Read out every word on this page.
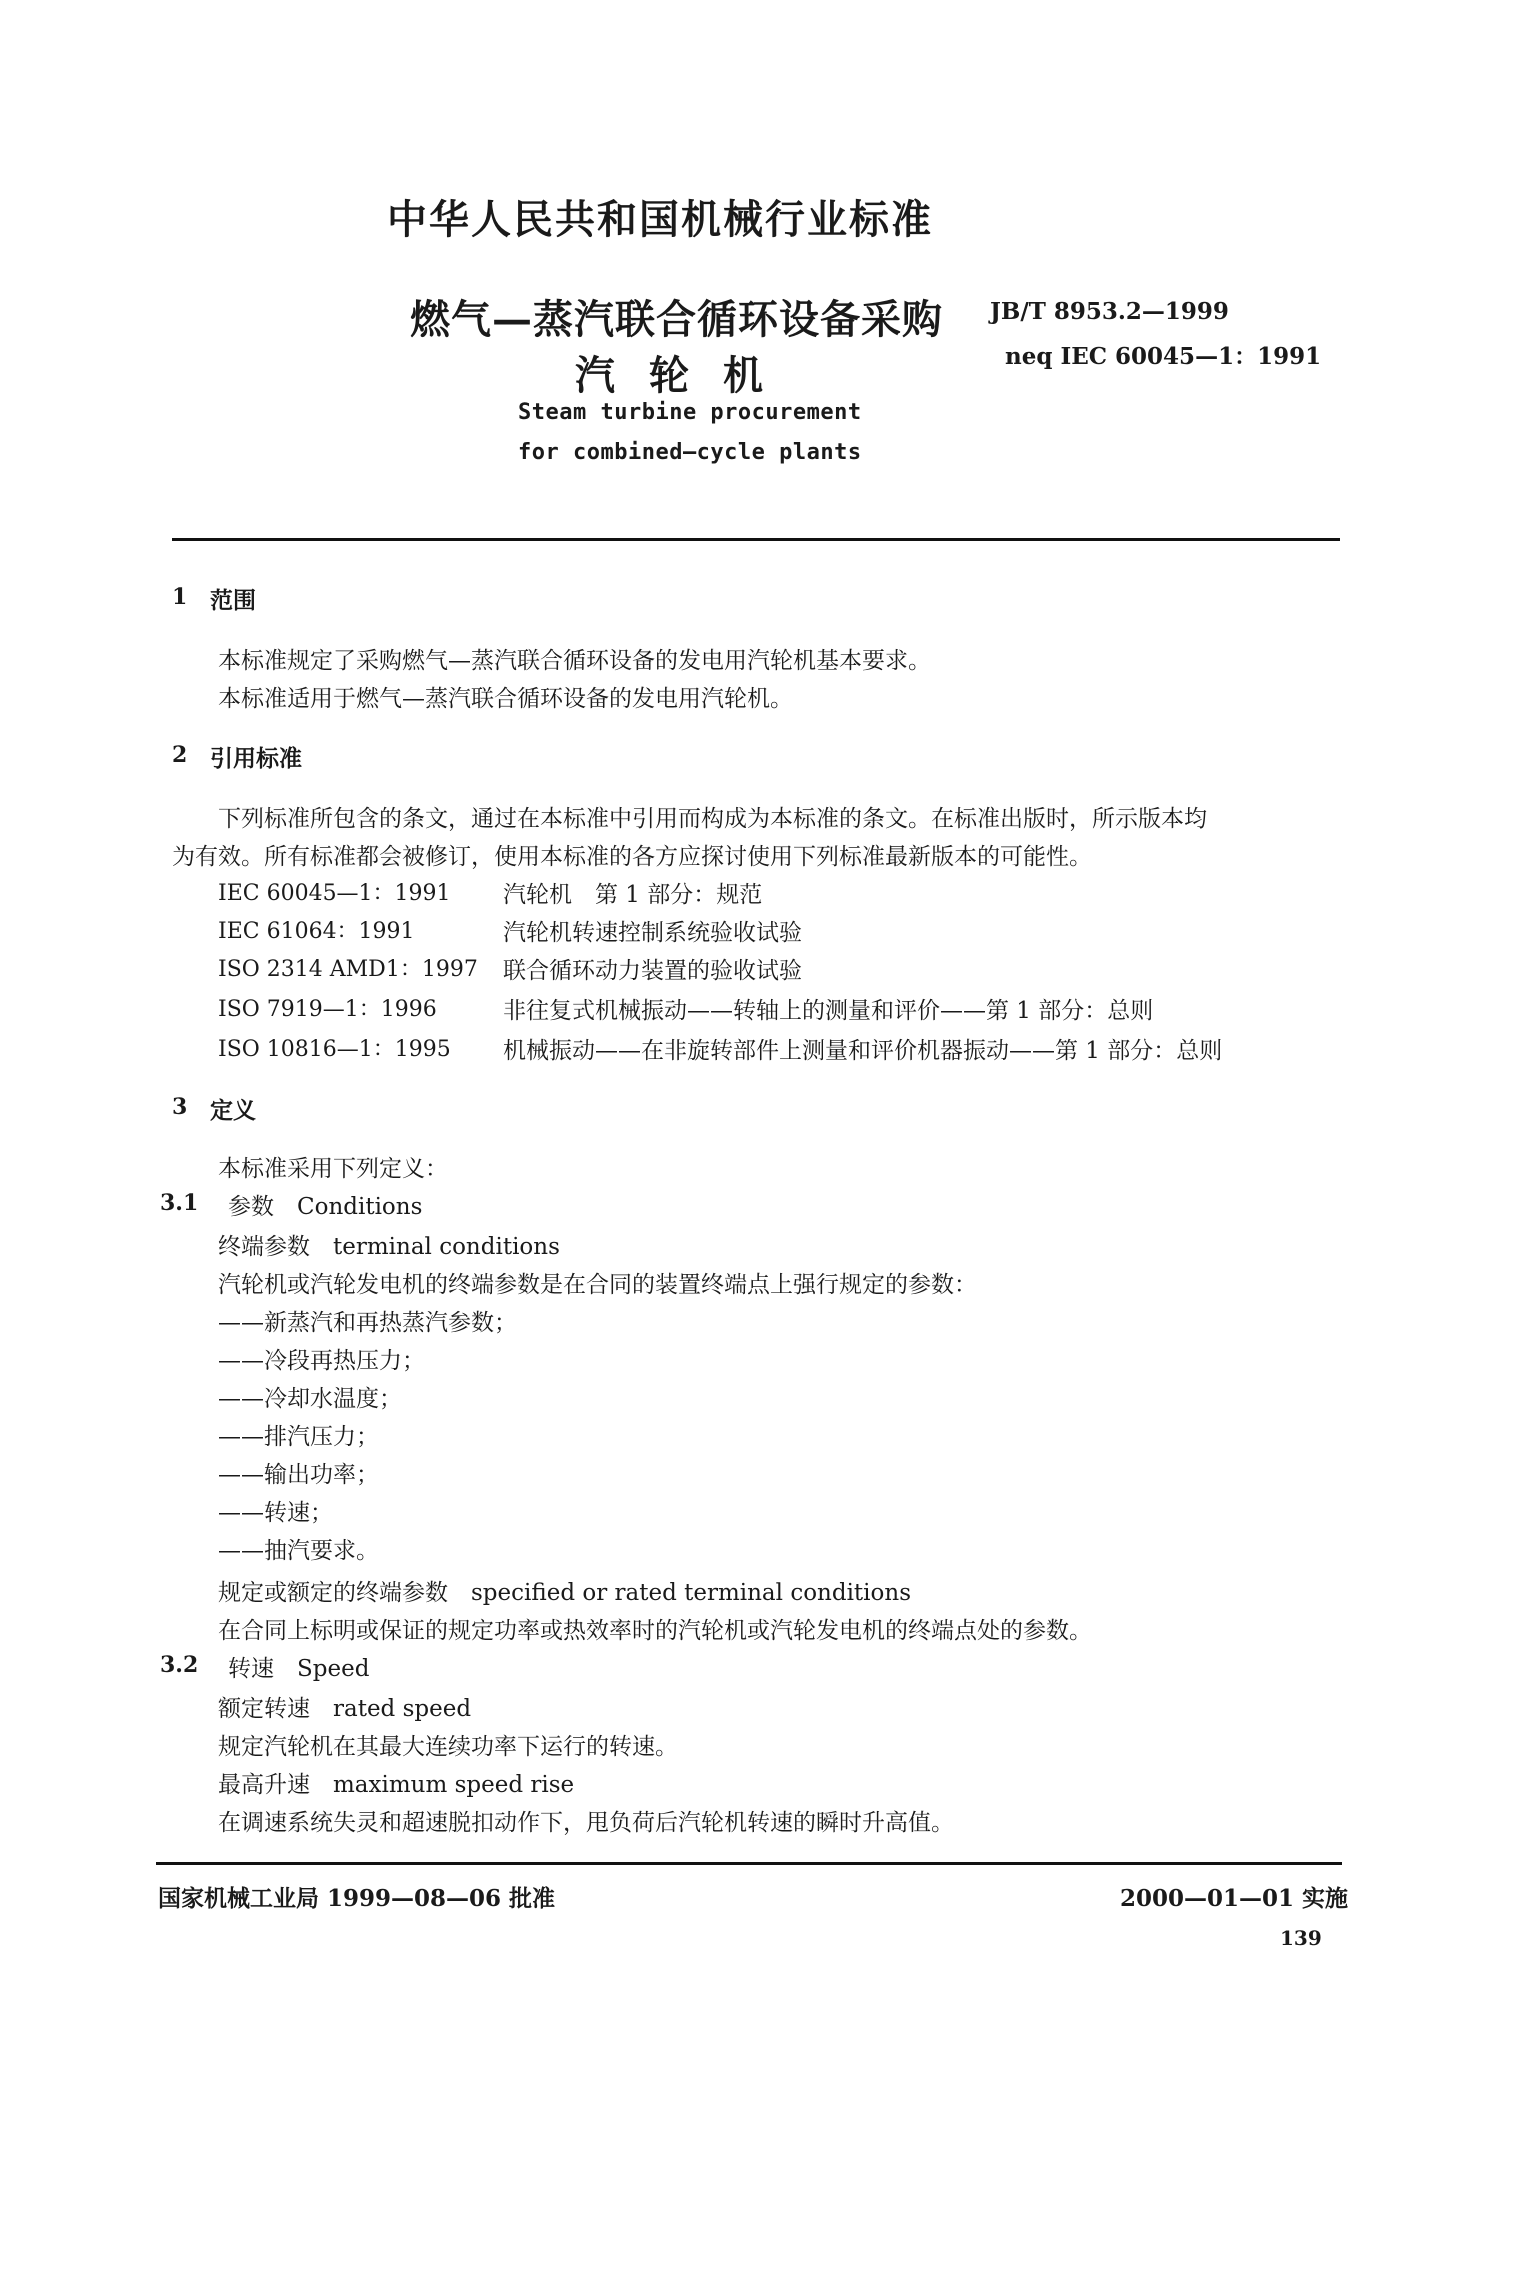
中华人民共和国机械行业标准
燃气—蒸汽联合循环设备采购
汽轮机
JB/T 8953.2—1999
neq IEC 60045—1：1991
Steam turbine procurement
for combined—cycle plants
1 范围
本标准规定了采购燃气—蒸汽联合循环设备的发电用汽轮机基本要求。
本标准适用于燃气—蒸汽联合循环设备的发电用汽轮机。
2 引用标准
下列标准所包含的条文，通过在本标准中引用而构成为本标准的条文。在标准出版时，所示版本均
为有效。所有标准都会被修订，使用本标准的各方应探讨使用下列标准最新版本的可能性。
IEC 60045—1：1991 汽轮机　第 1 部分：规范
IEC 61064：1991	汽轮机转速控制系统验收试验
ISO 2314 AMD1：1997 联合循环动力装置的验收试验
ISO 7919—1：1996	非往复式机械振动——转轴上的测量和评价——第 1 部分：总则
ISO 10816—1：1995 机械振动——在非旋转部件上测量和评价机器振动——第 1 部分：总则
3 定义
本标准采用下列定义：
3.1 参数　Conditions
终端参数　terminal conditions
汽轮机或汽轮发电机的终端参数是在合同的装置终端点上强行规定的参数：
——新蒸汽和再热蒸汽参数；
——冷段再热压力；
——冷却水温度；
——排汽压力；
——输出功率；
——转速；
——抽汽要求。
规定或额定的终端参数　specified or rated terminal conditions
在合同上标明或保证的规定功率或热效率时的汽轮机或汽轮发电机的终端点处的参数。
3.2 转速　Speed
额定转速　rated speed
规定汽轮机在其最大连续功率下运行的转速。
最高升速　maximum speed rise
在调速系统失灵和超速脱扣动作下，甩负荷后汽轮机转速的瞬时升高值。
国家机械工业局 1999—08—06 批准	2000—01—01 实施
139
